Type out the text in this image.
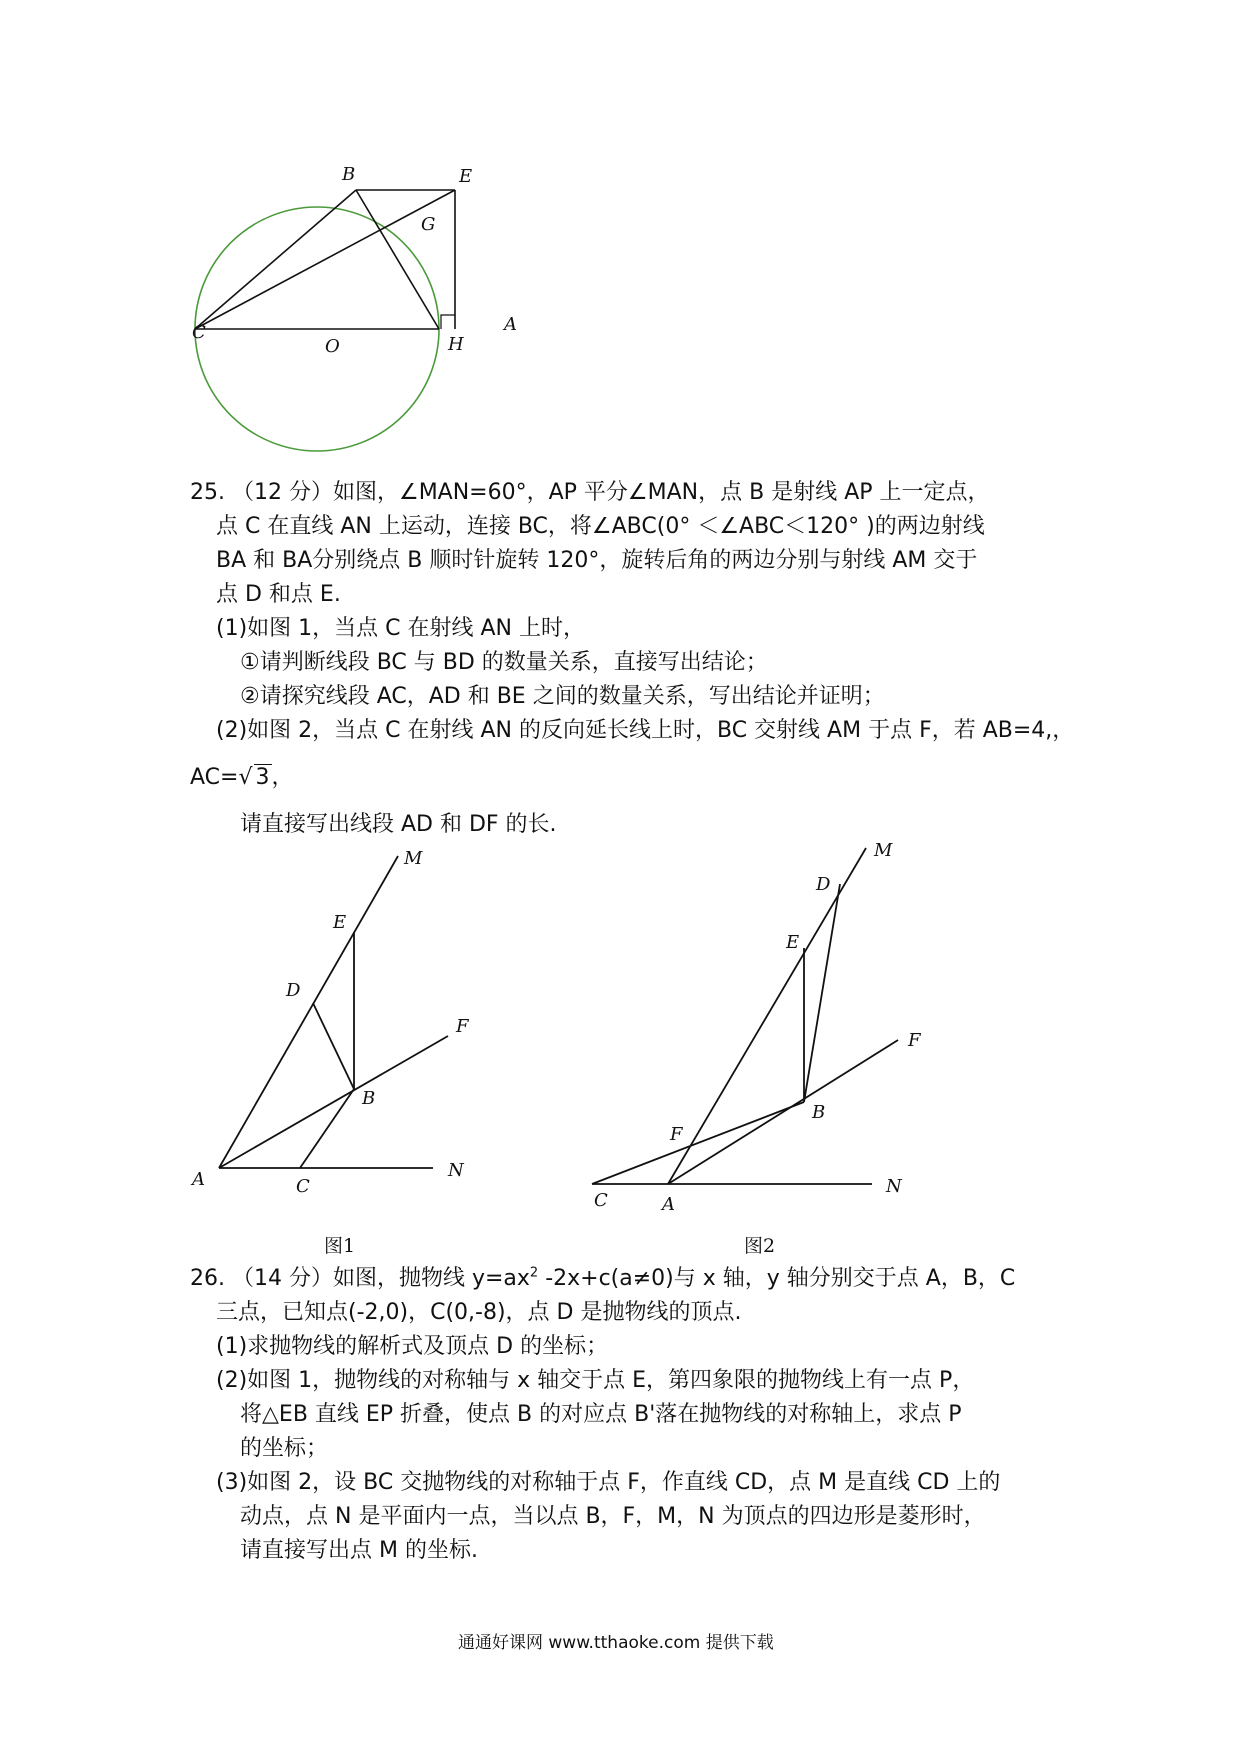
B	E
G
C
O	H
A
25. （12 分）如图，∠MAN=60°，AP 平分∠MAN，点 B 是射线 AP 上一定点，
点 C 在直线 AN 上运动，连接 BC，将∠ABC(0° ＜∠ABC＜120° )的两边射线
BA 和 BA分别绕点 B 顺时针旋转 120°，旋转后角的两边分别与射线 AM 交于
点 D 和点 E.
(1)如图 1，当点 C 在射线 AN 上时，
①请判断线段 BC 与 BD 的数量关系，直接写出结论；
②请探究线段 AC，AD 和 BE 之间的数量关系，写出结论并证明；
(2)如图 2，当点 C 在射线 AN 的反向延长线上时，BC 交射线 AM 于点 F，若 AB=4,，
AC=√ 3，
请直接写出线段 AD 和 DF 的长.
M
E
D
F
B
A	C
N
图1
M
D
E
F
F
B
C	A
N
图2
26. （14 分）如图，抛物线 $y=ax^2$ -2x+c(a≠0)与 x 轴，y 轴分别交于点 A，B，C
三点，已知点(-2,0)，C(0,-8)，点 D 是抛物线的顶点.
(1)求抛物线的解析式及顶点 D 的坐标；
(2)如图 1，抛物线的对称轴与 x 轴交于点 E，第四象限的抛物线上有一点 P，
将△EB 直线 EP 折叠，使点 B 的对应点 B'落在抛物线的对称轴上，求点 P
的坐标；
(3)如图 2，设 BC 交抛物线的对称轴于点 F，作直线 CD，点 M 是直线 CD 上的
动点，点 N 是平面内一点，当以点 B，F，M，N 为顶点的四边形是菱形时，
请直接写出点 M 的坐标.
通通好课网 www.tthaoke.com 提供下载
